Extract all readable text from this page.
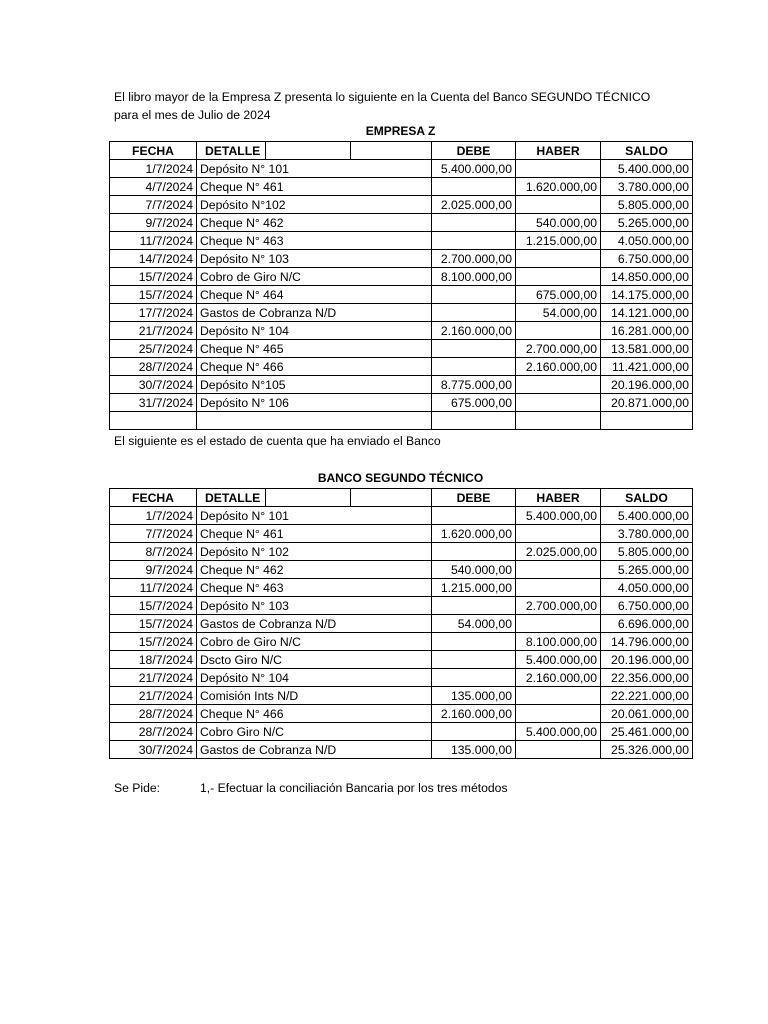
El libro mayor de la Empresa Z presenta lo siguiente en la Cuenta del Banco SEGUNDO TÉCNICO
para el mes de Julio de 2024
EMPRESA Z
FECHA	DETALLE			DEBE	HABER	SALDO
1/7/2024	Depósito N° 101			5.400.000,00		5.400.000,00
4/7/2024	Cheque N° 461				1.620.000,00	3.780.000,00
7/7/2024	Depósito N°102			2.025.000,00		5.805.000,00
9/7/2024	Cheque N° 462				540.000,00	5.265.000,00
11/7/2024	Cheque N° 463				1.215.000,00	4.050.000,00
14/7/2024	Depósito N° 103			2.700.000,00		6.750.000,00
15/7/2024	Cobro de Giro N/C			8.100.000,00		14.850.000,00
15/7/2024	Cheque N° 464				675.000,00	14.175.000,00
17/7/2024	Gastos de Cobranza N/D				54.000,00	14.121.000,00
21/7/2024	Depósito N° 104			2.160.000,00		16.281.000,00
25/7/2024	Cheque N° 465				2.700.000,00	13.581.000,00
28/7/2024	Cheque N° 466				2.160.000,00	11.421.000,00
30/7/2024	Depósito N°105			8.775.000,00		20.196.000,00
31/7/2024	Depósito N° 106			675.000,00		20.871.000,00

El siguiente es el estado de cuenta que ha enviado el Banco
BANCO SEGUNDO TÉCNICO
FECHA	DETALLE			DEBE	HABER	SALDO
1/7/2024	Depósito N° 101				5.400.000,00	5.400.000,00
7/7/2024	Cheque N° 461			1.620.000,00		3.780.000,00
8/7/2024	Depósito N° 102				2.025.000,00	5.805.000,00
9/7/2024	Cheque N° 462			540.000,00		5.265.000,00
11/7/2024	Cheque N° 463			1.215.000,00		4.050.000,00
15/7/2024	Depósito N° 103				2.700.000,00	6.750.000,00
15/7/2024	Gastos de Cobranza N/D			54.000,00		6.696.000,00
15/7/2024	Cobro de Giro N/C				8.100.000,00	14.796.000,00
18/7/2024	Dscto Giro N/C				5.400.000,00	20.196.000,00
21/7/2024	Depósito N° 104				2.160.000,00	22.356.000,00
21/7/2024	Comisión Ints N/D			135.000,00		22.221.000,00
28/7/2024	Cheque N° 466			2.160.000,00		20.061.000,00
28/7/2024	Cobro Giro N/C				5.400.000,00	25.461.000,00
30/7/2024	Gastos de Cobranza N/D			135.000,00		25.326.000,00
Se Pide:	1,- Efectuar la conciliación Bancaria por los tres métodos
